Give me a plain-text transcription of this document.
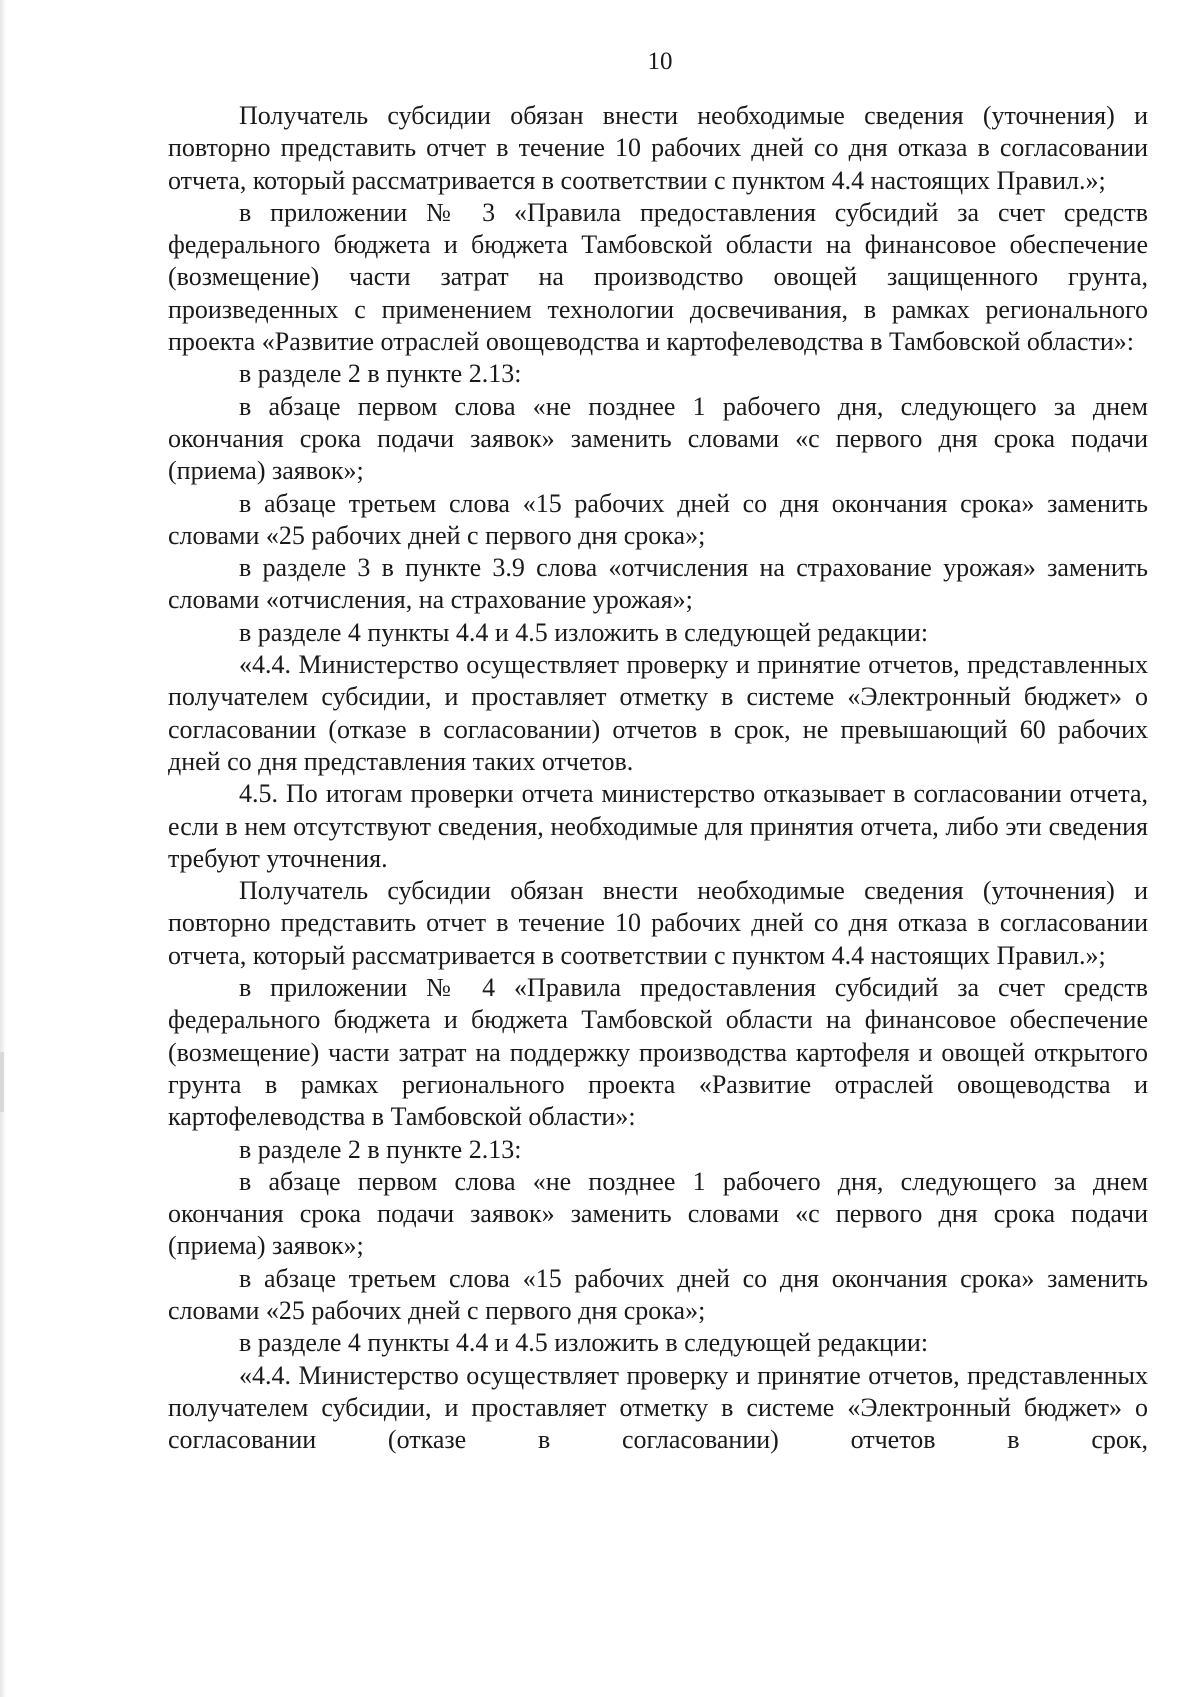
10

Получатель субсидии обязан внести необходимые сведения (уточнения) и повторно представить отчет в течение 10 рабочих дней со дня отказа в согласовании отчета, который рассматривается в соответствии с пунктом 4.4 настоящих Правил.»;

в приложении № 3 «Правила предоставления субсидий за счет средств федерального бюджета и бюджета Тамбовской области на финансовое обеспечение (возмещение) части затрат на производство овощей защищенного грунта, произведенных с применением технологии досвечивания, в рамках регионального проекта «Развитие отраслей овощеводства и картофелеводства в Тамбовской области»:

в разделе 2 в пункте 2.13:

в абзаце первом слова «не позднее 1 рабочего дня, следующего за днем окончания срока подачи заявок» заменить словами «с первого дня срока подачи (приема) заявок»;

в абзаце третьем слова «15 рабочих дней со дня окончания срока» заменить словами «25 рабочих дней с первого дня срока»;

в разделе 3 в пункте 3.9 слова «отчисления на страхование урожая» заменить словами «отчисления, на страхование урожая»;

в разделе 4 пункты 4.4 и 4.5 изложить в следующей редакции:

«4.4. Министерство осуществляет проверку и принятие отчетов, представленных получателем субсидии, и проставляет отметку в системе «Электронный бюджет» о согласовании (отказе в согласовании) отчетов в срок, не превышающий 60 рабочих дней со дня представления таких отчетов.

4.5. По итогам проверки отчета министерство отказывает в согласовании отчета, если в нем отсутствуют сведения, необходимые для принятия отчета, либо эти сведения требуют уточнения.

Получатель субсидии обязан внести необходимые сведения (уточнения) и повторно представить отчет в течение 10 рабочих дней со дня отказа в согласовании отчета, который рассматривается в соответствии с пунктом 4.4 настоящих Правил.»;

в приложении № 4 «Правила предоставления субсидий за счет средств федерального бюджета и бюджета Тамбовской области на финансовое обеспечение (возмещение) части затрат на поддержку производства картофеля и овощей открытого грунта в рамках регионального проекта «Развитие отраслей овощеводства и картофелеводства в Тамбовской области»:

в разделе 2 в пункте 2.13:

в абзаце первом слова «не позднее 1 рабочего дня, следующего за днем окончания срока подачи заявок» заменить словами «с первого дня срока подачи (приема) заявок»;

в абзаце третьем слова «15 рабочих дней со дня окончания срока» заменить словами «25 рабочих дней с первого дня срока»;

в разделе 4 пункты 4.4 и 4.5 изложить в следующей редакции:

«4.4. Министерство осуществляет проверку и принятие отчетов, представленных получателем субсидии, и проставляет отметку в системе «Электронный бюджет» о согласовании (отказе в согласовании) отчетов в срок,
